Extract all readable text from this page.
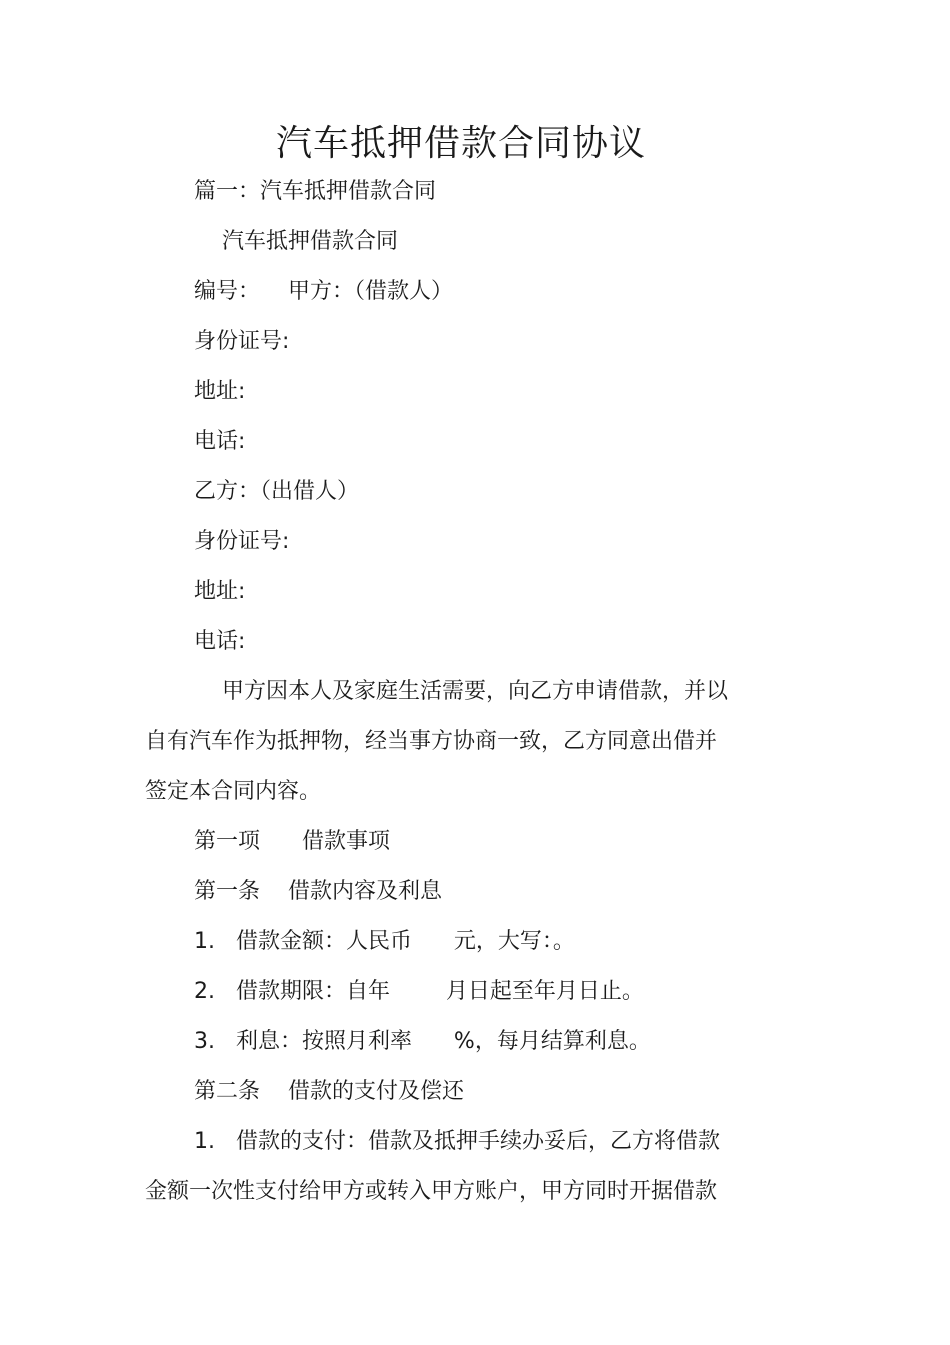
汽车抵押借款合同协议

篇一：汽车抵押借款合同

汽车抵押借款合同

编号：    甲方：（借款人）

身份证号:

地址:

电话:

乙方：（出借人）

身份证号:

地址:

电话:

甲方因本人及家庭生活需要，向乙方申请借款，并以

自有汽车作为抵押物，经当事方协商一致，乙方同意出借并

签定本合同内容。

第一项      借款事项

第一条    借款内容及利息

1.   借款金额：人民币      元，大写：。

2.   借款期限：自年        月日起至年月日止。

3.   利息：按照月利率      %，每月结算利息。

第二条    借款的支付及偿还

1.   借款的支付：借款及抵押手续办妥后，乙方将借款

金额一次性支付给甲方或转入甲方账户，甲方同时开据借款
